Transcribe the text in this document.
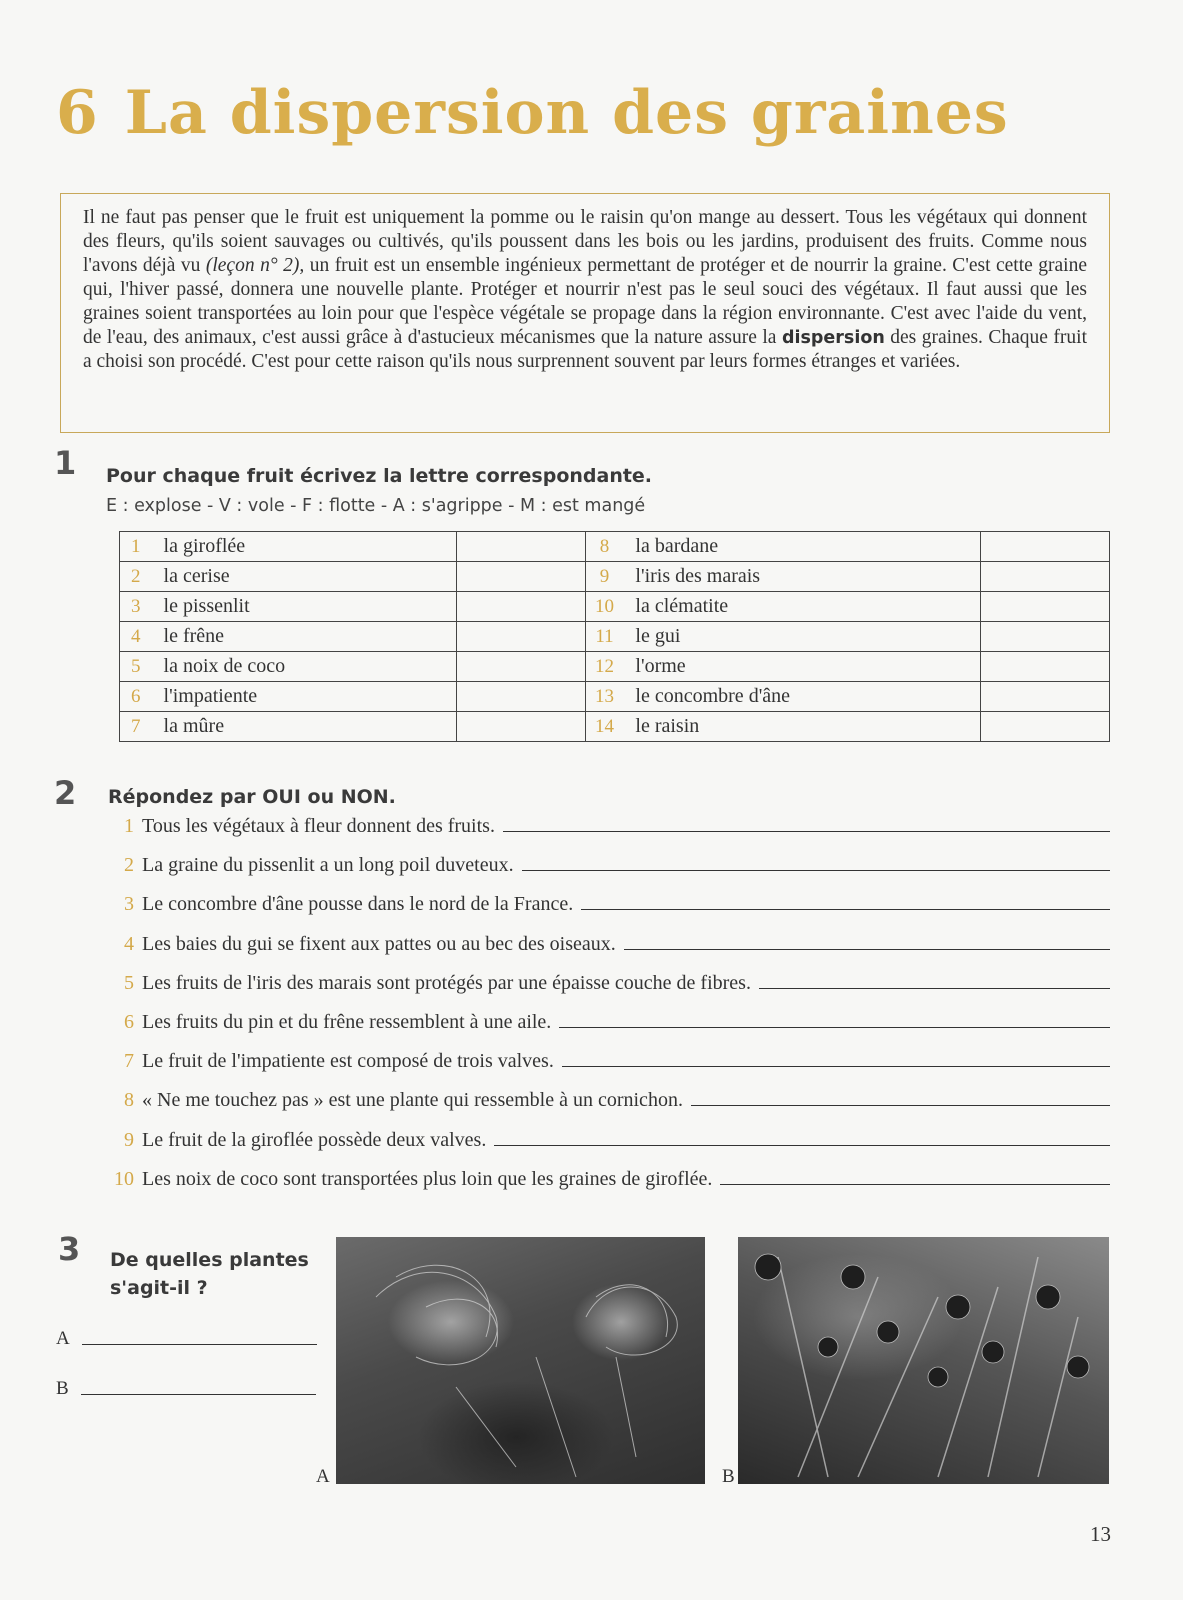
6 La dispersion des graines
Il ne faut pas penser que le fruit est uniquement la pomme ou le raisin qu'on mange au dessert. Tous les végétaux qui donnent des fleurs, qu'ils soient sauvages ou cultivés, qu'ils poussent dans les bois ou les jardins, produisent des fruits. Comme nous l'avons déjà vu (leçon n° 2), un fruit est un ensemble ingénieux permettant de protéger et de nourrir la graine. C'est cette graine qui, l'hiver passé, donnera une nouvelle plante. Protéger et nourrir n'est pas le seul souci des végétaux. Il faut aussi que les graines soient transportées au loin pour que l'espèce végétale se propage dans la région environnante. C'est avec l'aide du vent, de l'eau, des animaux, c'est aussi grâce à d'astucieux mécanismes que la nature assure la dispersion des graines. Chaque fruit a choisi son procédé. C'est pour cette raison qu'ils nous surprennent souvent par leurs formes étranges et variées.
1 Pour chaque fruit écrivez la lettre correspondante.
E : explose - V : vole - F : flotte - A : s'agrippe - M : est mangé
1	la giroflée		8	la bardane	
2	la cerise		9	l'iris des marais	
3	le pissenlit		10	la clématite	
4	le frêne		11	le gui	
5	la noix de coco		12	l'orme	
6	l'impatiente		13	le concombre d'âne	
7	la mûre		14	le raisin	
2 Répondez par OUI ou NON.
1 Tous les végétaux à fleur donnent des fruits.
2 La graine du pissenlit a un long poil duveteux.
3 Le concombre d'âne pousse dans le nord de la France.
4 Les baies du gui se fixent aux pattes ou au bec des oiseaux.
5 Les fruits de l'iris des marais sont protégés par une épaisse couche de fibres.
6 Les fruits du pin et du frêne ressemblent à une aile.
7 Le fruit de l'impatiente est composé de trois valves.
8 « Ne me touchez pas » est une plante qui ressemble à un cornichon.
9 Le fruit de la giroflée possède deux valves.
10 Les noix de coco sont transportées plus loin que les graines de giroflée.
3 De quelles plantes
s'agit-il ?
A
B
A	B
13
